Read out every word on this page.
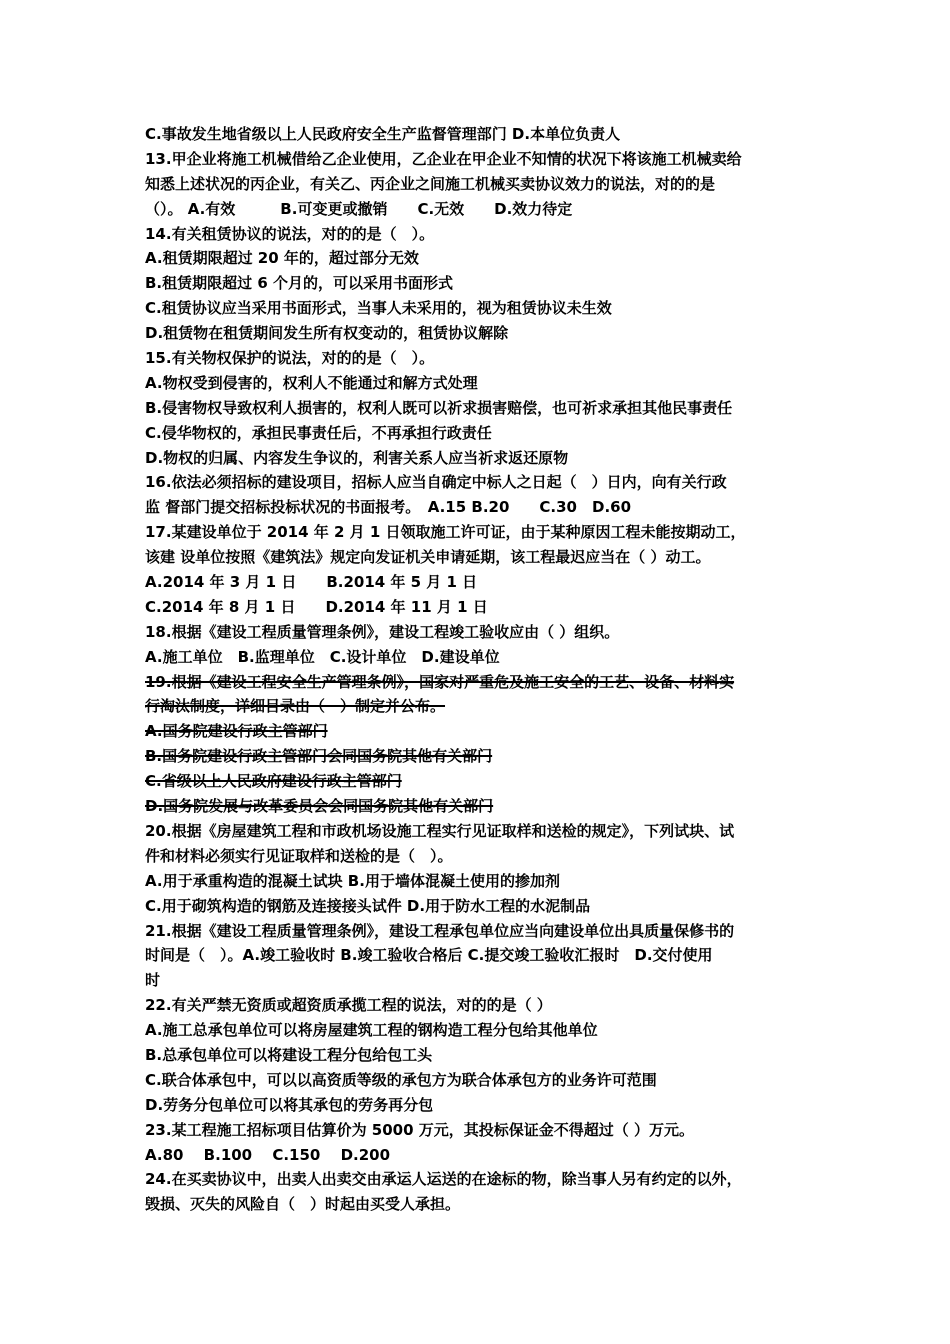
C.事故发生地省级以上人民政府安全生产监督管理部门 D.本单位负责人
13.甲企业将施工机械借给乙企业使用，乙企业在甲企业不知情的状况下将该施工机械卖给
知悉上述状况的丙企业，有关乙、丙企业之间施工机械买卖协议效力的说法，对的的是
（）。 A.有效　　　B.可变更或撤销　　C.无效　　D.效力待定
14.有关租赁协议的说法，对的的是（　）。
A.租赁期限超过 20 年的，超过部分无效
B.租赁期限超过 6 个月的，可以采用书面形式
C.租赁协议应当采用书面形式，当事人未采用的，视为租赁协议未生效
D.租赁物在租赁期间发生所有权变动的，租赁协议解除
15.有关物权保护的说法，对的的是（　）。
A.物权受到侵害的，权利人不能通过和解方式处理
B.侵害物权导致权利人损害的，权利人既可以祈求损害赔偿，也可祈求承担其他民事责任
C.侵华物权的，承担民事责任后，不再承担行政责任
D.物权的归属、内容发生争议的，利害关系人应当祈求返还原物
16.依法必须招标的建设项目，招标人应当自确定中标人之日起（　）日内，向有关行政
监 督部门提交招标投标状况的书面报考。　A.15 B.20　　C.30　D.60
17.某建设单位于 2014 年 2 月 1 日领取施工许可证，由于某种原因工程未能按期动工，
该建 设单位按照《建筑法》规定向发证机关申请延期，该工程最迟应当在（ ）动工。
A.2014 年 3 月 1 日　　B.2014 年 5 月 1 日
C.2014 年 8 月 1 日　　D.2014 年 11 月 1 日
18.根据《建设工程质量管理条例》，建设工程竣工验收应由（ ）组织。
A.施工单位　B.监理单位　C.设计单位　D.建设单位
19.根据《建设工程安全生产管理条例》，国家对严重危及施工安全的工艺、设备、材料实
行淘汰制度，详细目录由（　）制定并公布。
A.国务院建设行政主管部门
B.国务院建设行政主管部门会同国务院其他有关部门
C.省级以上人民政府建设行政主管部门
D.国务院发展与改革委员会会同国务院其他有关部门
20.根据《房屋建筑工程和市政机场设施工程实行见证取样和送检的规定》，下列试块、试
件和材料必须实行见证取样和送检的是（　）。
A.用于承重构造的混凝土试块 B.用于墙体混凝土使用的掺加剂
C.用于砌筑构造的钢筋及连接接头试件 D.用于防水工程的水泥制品
21.根据《建设工程质量管理条例》，建设工程承包单位应当向建设单位出具质量保修书的
时间是（　）。A.竣工验收时 B.竣工验收合格后 C.提交竣工验收汇报时　D.交付使用
时
22.有关严禁无资质或超资质承揽工程的说法，对的的是（ ）
A.施工总承包单位可以将房屋建筑工程的钢构造工程分包给其他单位
B.总承包单位可以将建设工程分包给包工头
C.联合体承包中，可以以高资质等级的承包方为联合体承包方的业务许可范围
D.劳务分包单位可以将其承包的劳务再分包
23.某工程施工招标项目估算价为 5000 万元，其投标保证金不得超过（ ）万元。
A.80　 B.100　 C.150　 D.200
24.在买卖协议中，出卖人出卖交由承运人运送的在途标的物，除当事人另有约定的以外，
毁损、灭失的风险自（　）时起由买受人承担。
